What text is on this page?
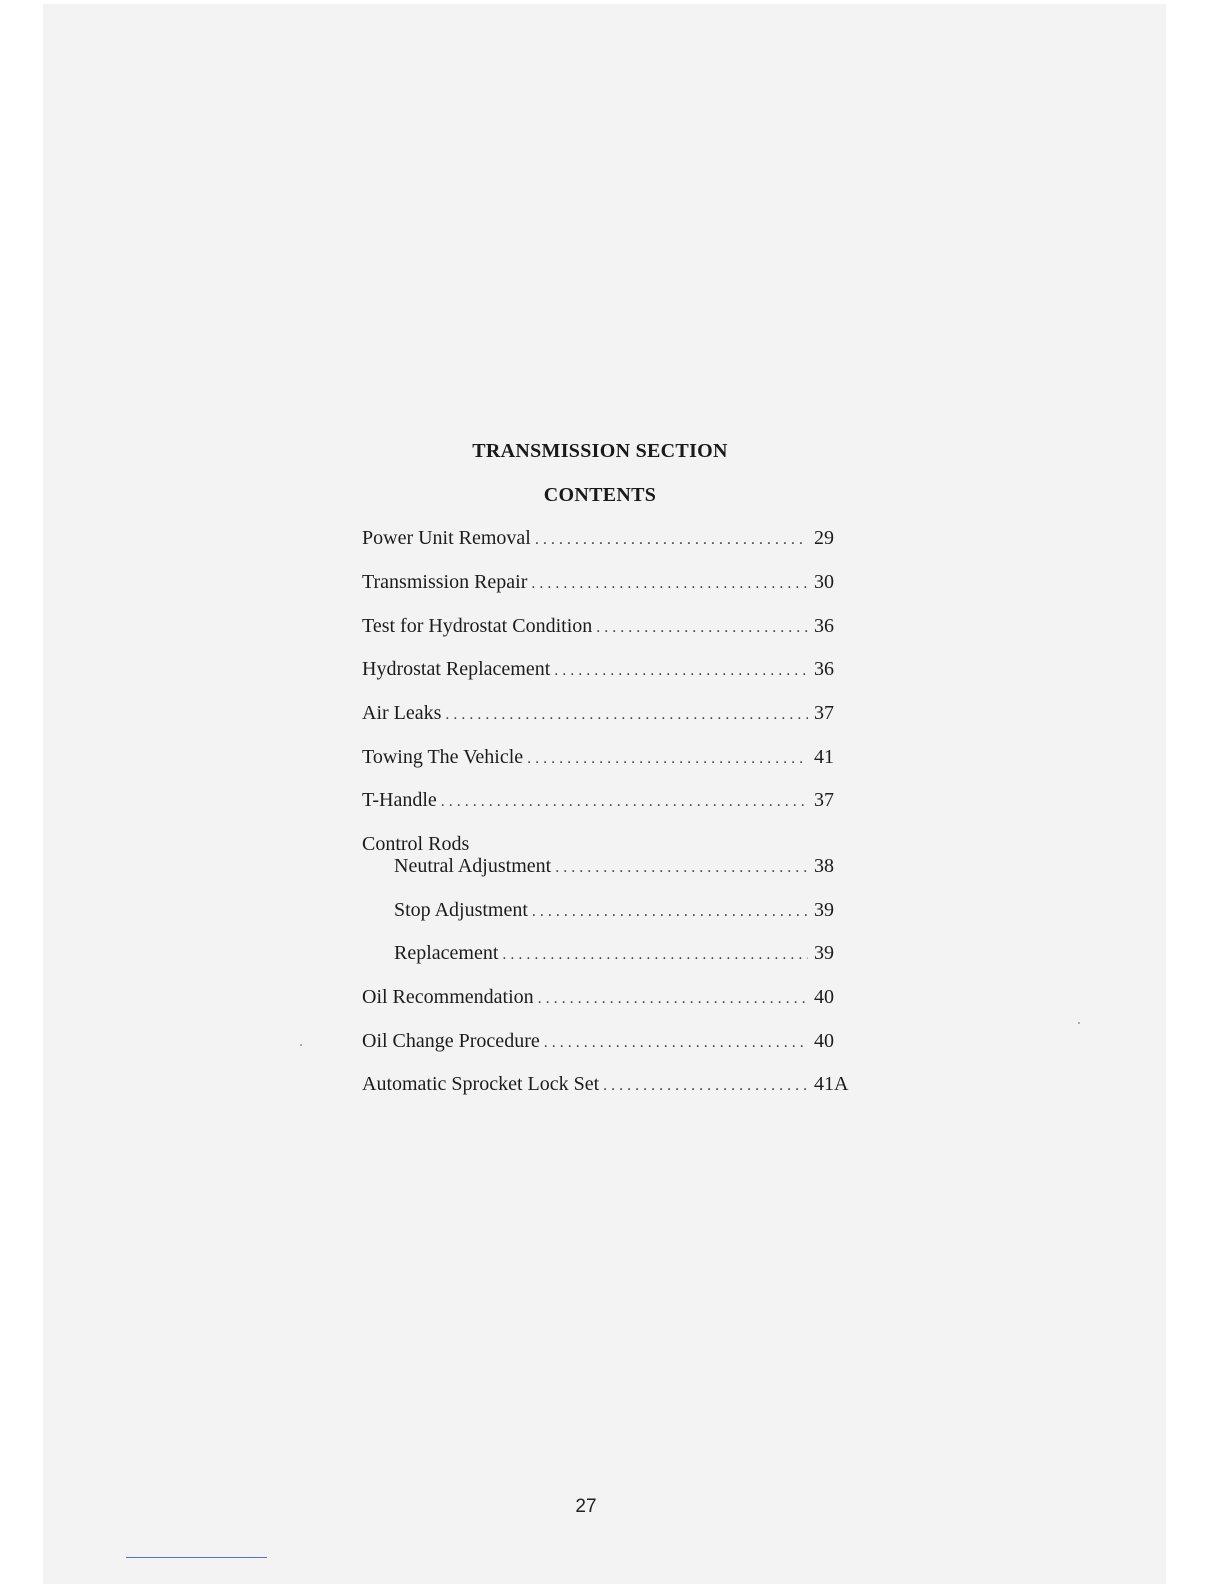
TRANSMISSION SECTION
CONTENTS
Power Unit Removal . . .	29
Transmission Repair . . .	30
Test for Hydrostat Condition . . .	36
Hydrostat Replacement . . .	36
Air Leaks . . .	37
Towing The Vehicle . . .	41
T-Handle . . .	37
Control Rods
Neutral Adjustment . . .	38
Stop Adjustment . . .	39
Replacement . . .	39
Oil Recommendation . . .	40
Oil Change Procedure . . .	40
Automatic Sprocket Lock Set . . .	41A
27
